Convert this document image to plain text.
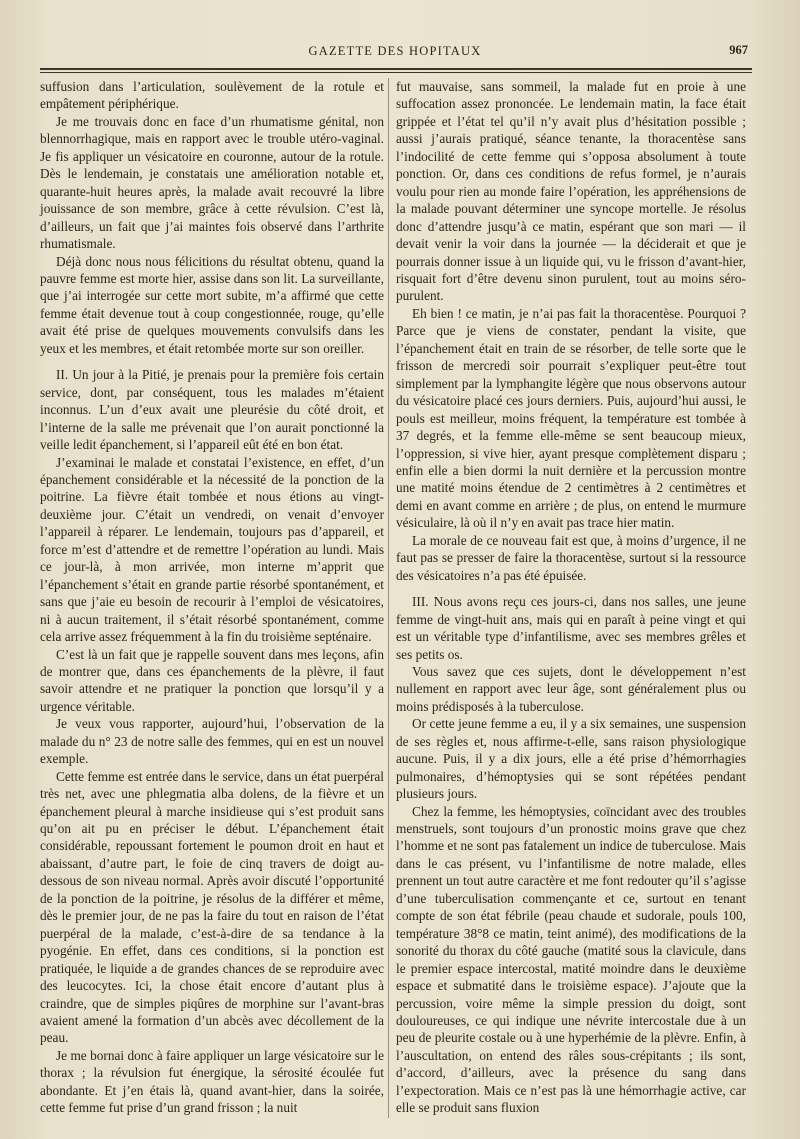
GAZETTE DES HOPITAUX	967

suffusion dans l’articulation, soulèvement de la rotule et empâtement périphérique.

Je me trouvais donc en face d’un rhumatisme génital, non blennorrhagique, mais en rapport avec le trouble utéro-vaginal. Je fis appliquer un vésicatoire en couronne, autour de la rotule. Dès le lendemain, je constatais une amélioration notable et, quarante-huit heures après, la malade avait recouvré la libre jouissance de son membre, grâce à cette révulsion. C’est là, d’ailleurs, un fait que j’ai maintes fois observé dans l’arthrite rhumatismale.

Déjà donc nous nous félicitions du résultat obtenu, quand la pauvre femme est morte hier, assise dans son lit. La surveillante, que j’ai interrogée sur cette mort subite, m’a affirmé que cette femme était devenue tout à coup congestionnée, rouge, qu’elle avait été prise de quelques mouvements convulsifs dans les yeux et les membres, et était retombée morte sur son oreiller.

II. Un jour à la Pitié, je prenais pour la première fois certain service, dont, par conséquent, tous les malades m’étaient inconnus. L’un d’eux avait une pleurésie du côté droit, et l’interne de la salle me prévenait que l’on aurait ponctionné la veille ledit épanchement, si l’appareil eût été en bon état.

J’examinai le malade et constatai l’existence, en effet, d’un épanchement considérable et la nécessité de la ponction de la poitrine. La fièvre était tombée et nous étions au vingt-deuxième jour. C’était un vendredi, on venait d’envoyer l’appareil à réparer. Le lendemain, toujours pas d’appareil, et force m’est d’attendre et de remettre l’opération au lundi. Mais ce jour-là, à mon arrivée, mon interne m’apprit que l’épanchement s’était en grande partie résorbé spontanément, et sans que j’aie eu besoin de recourir à l’emploi de vésicatoires, ni à aucun traitement, il s’était résorbé spontanément, comme cela arrive assez fréquemment à la fin du troisième septénaire.

C’est là un fait que je rappelle souvent dans mes leçons, afin de montrer que, dans ces épanchements de la plèvre, il faut savoir attendre et ne pratiquer la ponction que lorsqu’il y a urgence véritable.

Je veux vous rapporter, aujourd’hui, l’observation de la malade du n° 23 de notre salle des femmes, qui en est un nouvel exemple.

Cette femme est entrée dans le service, dans un état puerpéral très net, avec une phlegmatia alba dolens, de la fièvre et un épanchement pleural à marche insidieuse qui s’est produit sans qu’on ait pu en préciser le début. L’épanchement était considérable, repoussant fortement le poumon droit en haut et abaissant, d’autre part, le foie de cinq travers de doigt au-dessous de son niveau normal. Après avoir discuté l’opportunité de la ponction de la poitrine, je résolus de la différer et même, dès le premier jour, de ne pas la faire du tout en raison de l’état puerpéral de la malade, c’est-à-dire de sa tendance à la pyogénie. En effet, dans ces conditions, si la ponction est pratiquée, le liquide a de grandes chances de se reproduire avec des leucocytes. Ici, la chose était encore d’autant plus à craindre, que de simples piqûres de morphine sur l’avant-bras avaient amené la formation d’un abcès avec décollement de la peau.

Je me bornai donc à faire appliquer un large vésicatoire sur le thorax ; la révulsion fut énergique, la sérosité écoulée fut abondante. Et j’en étais là, quand avant-hier, dans la soirée, cette femme fut prise d’un grand frisson ; la nuit

fut mauvaise, sans sommeil, la malade fut en proie à une suffocation assez prononcée. Le lendemain matin, la face était grippée et l’état tel qu’il n’y avait plus d’hésitation possible ; aussi j’aurais pratiqué, séance tenante, la thoracentèse sans l’indocilité de cette femme qui s’opposa absolument à toute ponction. Or, dans ces conditions de refus formel, je n’aurais voulu pour rien au monde faire l’opération, les appréhensions de la malade pouvant déterminer une syncope mortelle. Je résolus donc d’attendre jusqu’à ce matin, espérant que son mari — il devait venir la voir dans la journée — la déciderait et que je pourrais donner issue à un liquide qui, vu le frisson d’avant-hier, risquait fort d’être devenu sinon purulent, tout au moins séro-purulent.

Eh bien ! ce matin, je n’ai pas fait la thoracentèse. Pourquoi ? Parce que je viens de constater, pendant la visite, que l’épanchement était en train de se résorber, de telle sorte que le frisson de mercredi soir pourrait s’expliquer peut-être tout simplement par la lymphangite légère que nous observons autour du vésicatoire placé ces jours derniers. Puis, aujourd’hui aussi, le pouls est meilleur, moins fréquent, la température est tombée à 37 degrés, et la femme elle-même se sent beaucoup mieux, l’oppression, si vive hier, ayant presque complètement disparu ; enfin elle a bien dormi la nuit dernière et la percussion montre une matité moins étendue de 2 centimètres à 2 centimètres et demi en avant comme en arrière ; de plus, on entend le murmure vésiculaire, là où il n’y en avait pas trace hier matin.

La morale de ce nouveau fait est que, à moins d’urgence, il ne faut pas se presser de faire la thoracentèse, surtout si la ressource des vésicatoires n’a pas été épuisée.

III. Nous avons reçu ces jours-ci, dans nos salles, une jeune femme de vingt-huit ans, mais qui en paraît à peine vingt et qui est un véritable type d’infantilisme, avec ses membres grêles et ses petits os.

Vous savez que ces sujets, dont le développement n’est nullement en rapport avec leur âge, sont généralement plus ou moins prédisposés à la tuberculose.

Or cette jeune femme a eu, il y a six semaines, une suspension de ses règles et, nous affirme-t-elle, sans raison physiologique aucune. Puis, il y a dix jours, elle a été prise d’hémorrhagies pulmonaires, d’hémoptysies qui se sont répétées pendant plusieurs jours.

Chez la femme, les hémoptysies, coïncidant avec des troubles menstruels, sont toujours d’un pronostic moins grave que chez l’homme et ne sont pas fatalement un indice de tuberculose. Mais dans le cas présent, vu l’infantilisme de notre malade, elles prennent un tout autre caractère et me font redouter qu’il s’agisse d’une tuberculisation commençante et ce, surtout en tenant compte de son état fébrile (peau chaude et sudorale, pouls 100, température 38°8 ce matin, teint animé), des modifications de la sonorité du thorax du côté gauche (matité sous la clavicule, dans le premier espace intercostal, matité moindre dans le deuxième espace et submatité dans le troisième espace). J’ajoute que la percussion, voire même la simple pression du doigt, sont douloureuses, ce qui indique une névrite intercostale due à un peu de pleurite costale ou à une hyperhémie de la plèvre. Enfin, à l’auscultation, on entend des râles sous-crépitants ; ils sont, d’accord, d’ailleurs, avec la présence du sang dans l’expectoration. Mais ce n’est pas là une hémorrhagie active, car elle se produit sans fluxion
